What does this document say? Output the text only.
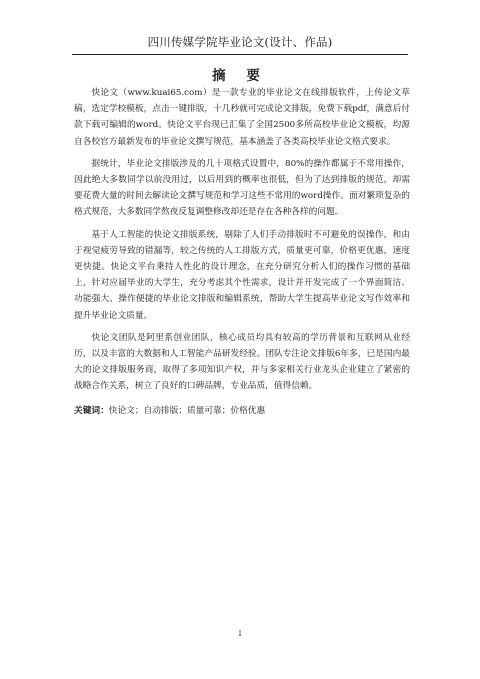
四川传媒学院毕业论文(设计、作品)
摘 要

快论文（www.kuai65.com）是一款专业的毕业论文在线排版软件，上传论文草稿，选定学校模板，点击一键排版，十几秒就可完成论文排版，免费下载pdf，满意后付款下载可编辑的word。快论文平台现已汇集了全国2500多所高校毕业论文模板，均源自各校官方最新发布的毕业论文撰写规范，基本涵盖了各类高校毕业论文格式要求。

据统计，毕业论文排版涉及的几十项格式设置中，80%的操作都属于不常用操作，因此绝大多数同学以前没用过，以后用到的概率也很低，但为了达到排版的规范，却需要花费大量的时间去解读论文撰写规范和学习这些不常用的word操作。面对繁琐复杂的格式规范，大多数同学熬夜反复调整修改却还是存在各种各样的问题。

基于人工智能的快论文排版系统，剔除了人们手动排版时不可避免的误操作，和由于视觉疲劳导致的错漏等，较之传统的人工排版方式，质量更可靠，价格更优惠，速度更快捷。快论文平台秉持人性化的设计理念，在充分研究分析人们的操作习惯的基础上，针对应届毕业的大学生，充分考虑其个性需求，设计并开发完成了一个界面简洁、功能强大、操作便捷的毕业论文排版和编辑系统，帮助大学生提高毕业论文写作效率和提升毕业论文质量。

快论文团队是阿里系创业团队，核心成员均具有较高的学历背景和互联网从业经历，以及丰富的大数据和人工智能产品研发经验。团队专注论文排版6年多，已是国内最大的论文排版服务商，取得了多项知识产权，并与多家相关行业龙头企业建立了紧密的战略合作关系，树立了良好的口碑品牌，专业品质，值得信赖。

关键词：快论文；自动排版；质量可靠；价格优惠

I
